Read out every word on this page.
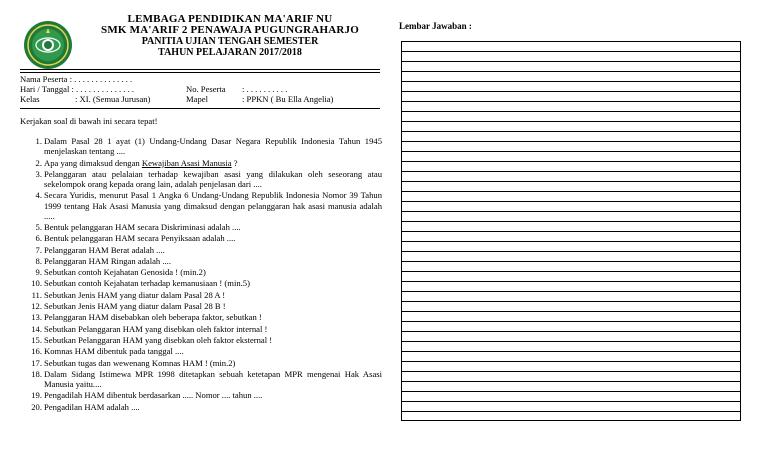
LEMBAGA PENDIDIKAN MA'ARIF NU
SMK MA'ARIF 2 PENAWAJA PUGUNGRAHARJO
PANITIA UJIAN TENGAH SEMESTER
TAHUN PELAJARAN 2017/2018
Nama Peserta : . . . . . . . . . . . . . .
Hari / Tanggal : . . . . . . . . . . . . . .
Kelas	: XI. (Semua Jurusan)
No. Peserta : . . . . . . . . . .
Mapel	: PPKN ( Bu Ella Angelia)
Kerjakan soal di bawah ini secara tepat!
1. Dalam Pasal 28 1 ayat (1) Undang-Undang Dasar Negara Republik Indonesia Tahun 1945 menjelaskan tentang ....
2. Apa yang dimaksud dengan Kewajiban Asasi Manusia ?
3. Pelanggaran atau pelalaian terhadap kewajiban asasi yang dilakukan oleh seseorang atau sekelompok orang kepada orang lain, adalah penjelasan dari ....
4. Secara Yuridis, menurut Pasal 1 Angka 6 Undang-Undang Republik Indonesia Nomor 39 Tahun 1999 tentang Hak Asasi Manusia yang dimaksud dengan pelanggaran hak asasi manusia adalah .....
5. Bentuk pelanggaran HAM secara Diskriminasi adalah ....
6. Bentuk pelanggaran HAM secara Penyiksaan adalah ....
7. Pelanggaran HAM Berat adalah ....
8. Pelanggaran HAM Ringan adalah ....
9. Sebutkan contoh Kejahatan Genosida ! (min.2)
10. Sebutkan contoh Kejahatan terhadap kemanusiaan ! (min.5)
11. Sebutkan Jenis HAM yang diatur dalam Pasal 28 A !
12. Sebutkan Jenis HAM yang diatur dalam Pasal 28 B !
13. Pelanggaran HAM disebabkan oleh beberapa faktor, sebutkan !
14. Sebutkan Pelanggaran HAM yang disebkan oleh faktor internal !
15. Sebutkan Pelanggaran HAM yang disebkan oleh faktor eksternal !
16. Komnas HAM dibentuk pada tanggal ....
17. Sebutkan tugas dan wewenang Komnas HAM ! (min.2)
18. Dalam Sidang Istimewa MPR 1998 ditetapkan sebuah ketetapan MPR mengenai Hak Asasi Manusia yaitu....
19. Pengadilah HAM dibentuk berdasarkan ..... Nomor .... tahun ....
20. Pengadilan HAM adalah ....
Lembar Jawaban :
